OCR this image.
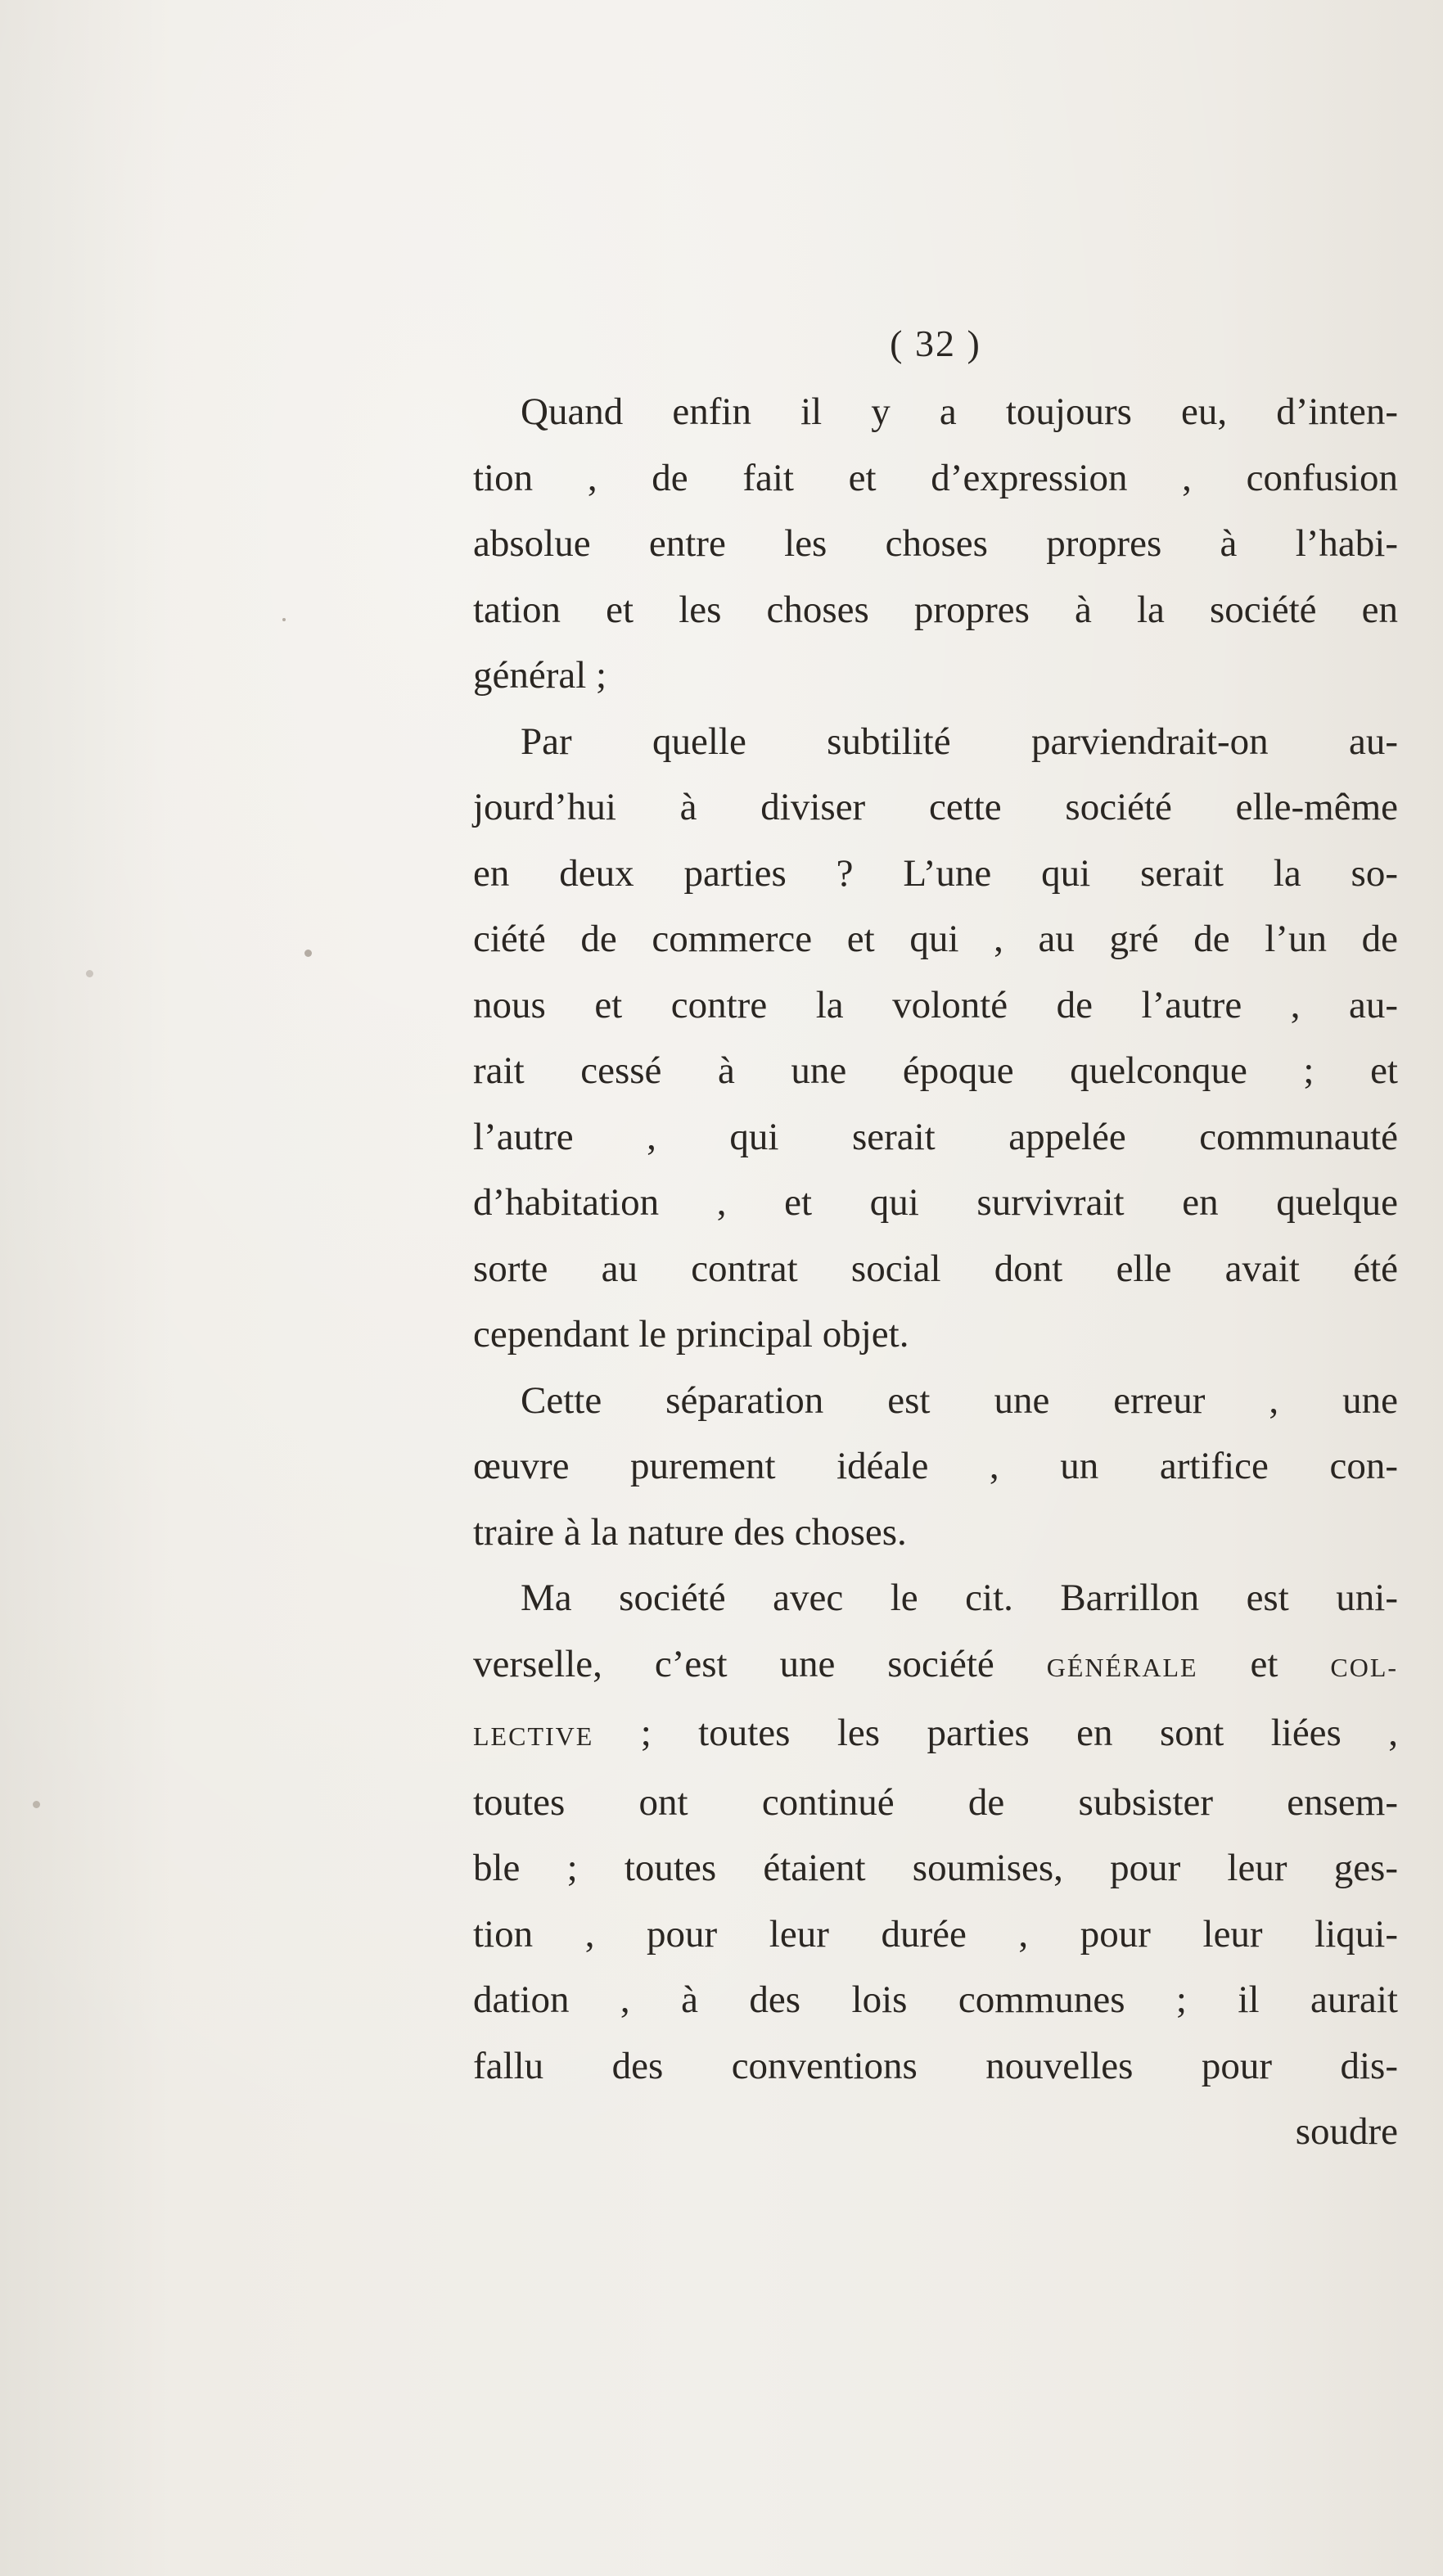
( 32 )

Quand enfin il y a toujours eu, d’inten-
tion , de fait et d’expression , confusion
absolue entre les choses propres à l’habi-
tation et les choses propres à la société en
général ;

Par quelle subtilité parviendrait-on au-
jourd’hui à diviser cette société elle-même
en deux parties ? L’une qui serait la so-
ciété de commerce et qui , au gré de l’un de
nous et contre la volonté de l’autre , au-
rait cessé à une époque quelconque ; et
l’autre , qui serait appelée communauté
d’habitation , et qui survivrait en quelque
sorte au contrat social dont elle avait été
cependant le principal objet.

Cette séparation est une erreur , une
œuvre purement idéale , un artifice con-
traire à la nature des choses.

Ma société avec le cit. Barrillon est uni-
verselle, c’est une société GÉNÉRALE et COL-
LECTIVE ; toutes les parties en sont liées ,
toutes ont continué de subsister ensem-
ble ; toutes étaient soumises, pour leur ges-
tion , pour leur durée , pour leur liqui-
dation , à des lois communes ; il aurait
fallu des conventions nouvelles pour dis-

soudre
